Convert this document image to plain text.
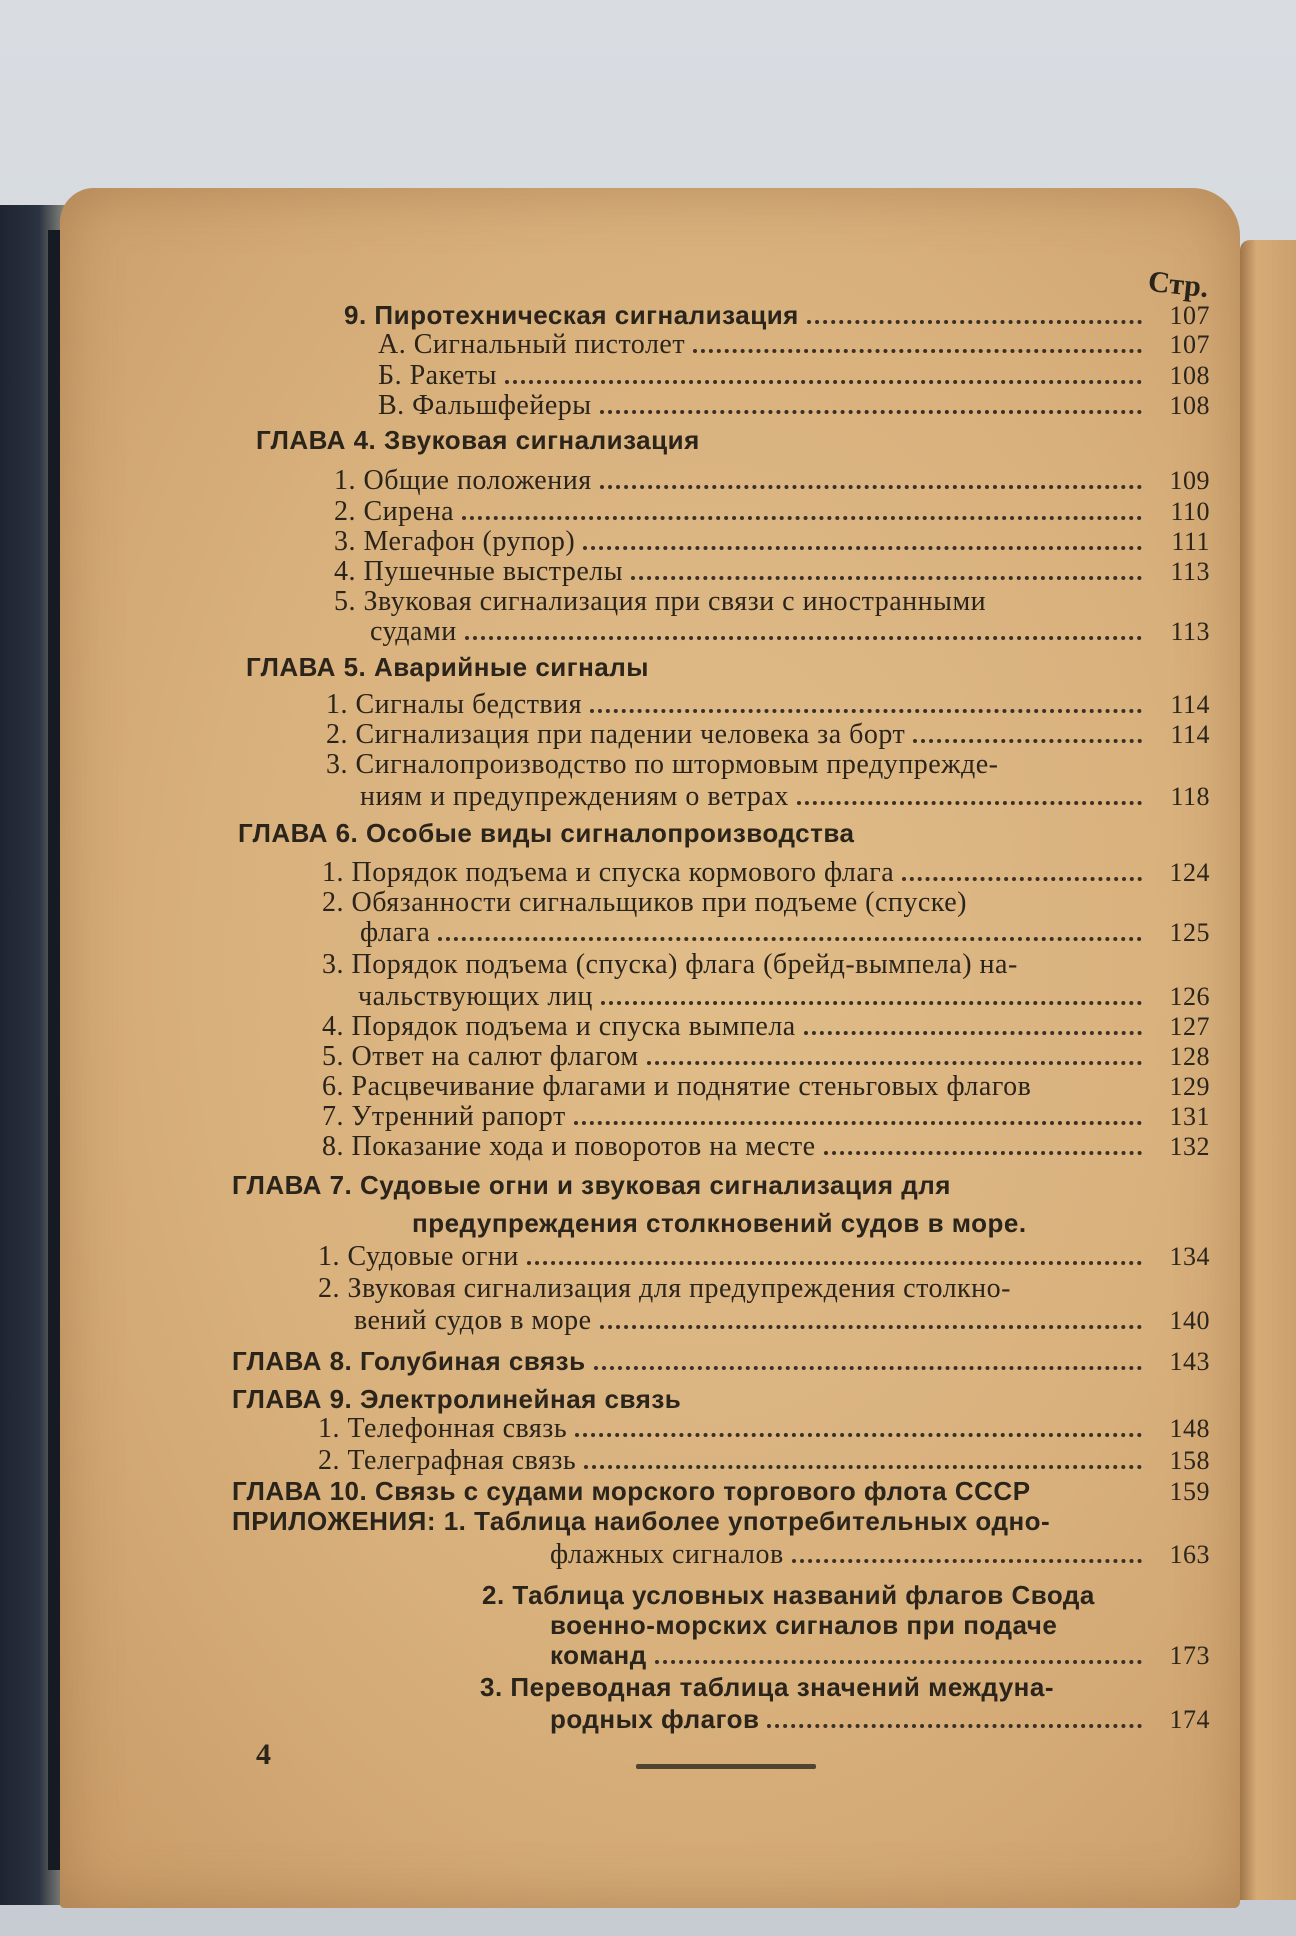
Стр.
9. Пиротехническая сигнализация	107
А. Сигнальный пистолет	107
Б. Ракеты	108
В. Фальшфейеры	108
ГЛАВА 4. Звуковая сигнализация
1. Общие положения	109
2. Сирена	110
3. Мегафон (рупор)	111
4. Пушечные выстрелы	113
5. Звуковая сигнализация при связи с иностранными
судами	113
ГЛАВА 5. Аварийные сигналы
1. Сигналы бедствия	114
2. Сигнализация при падении человека за борт	114
3. Сигналопроизводство по штормовым предупрежде-
ниям и предупреждениям о ветрах	118
ГЛАВА 6. Особые виды сигналопроизводства
1. Порядок подъема и спуска кормового флага	124
2. Обязанности сигнальщиков при подъеме (спуске)
флага	125
3. Порядок подъема (спуска) флага (брейд-вымпела) на-
чальствующих лиц	126
4. Порядок подъема и спуска вымпела	127
5. Ответ на салют флагом	128
6. Расцвечивание флагами и поднятие стеньговых флагов	129
7. Утренний рапорт	131
8. Показание хода и поворотов на месте	132
ГЛАВА 7. Судовые огни и звуковая сигнализация для
предупреждения столкновений судов в море.
1. Судовые огни	134
2. Звуковая сигнализация для предупреждения столкно-
вений судов в море	140
ГЛАВА 8. Голубиная связь	143
ГЛАВА 9. Электролинейная связь
1. Телефонная связь	148
2. Телеграфная связь	158
ГЛАВА 10. Связь с судами морского торгового флота СССР	159
ПРИЛОЖЕНИЯ: 1. Таблица наиболее употребительных одно-
флажных сигналов	163
2. Таблица условных названий флагов Свода
военно-морских сигналов при подаче
команд	173
3. Переводная таблица значений междуна-
родных флагов	174
4
